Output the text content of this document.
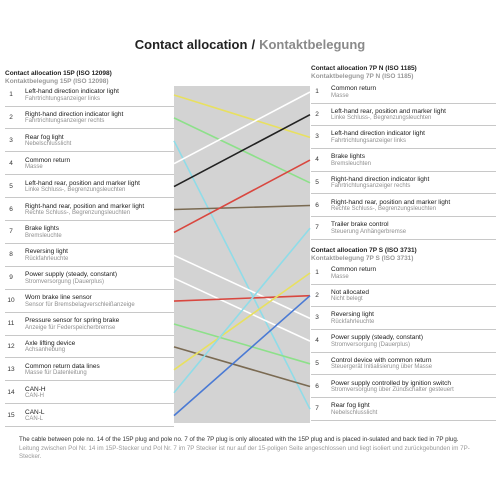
Contact allocation / Kontaktbelegung
Contact allocation 15P (ISO 12098)
Kontaktbelegung 15P (ISO 12098)
Contact allocation 7P N (ISO 1185)
Kontaktbelegung 7P N (ISO 1185)
Contact allocation 7P S (ISO 3731)
Kontaktbelegung 7P S (ISO 3731)
1	Left-hand direction indicator light
Fahrtrichtungsanzeiger links
2	Right-hand direction indicator light
Fahrtrichtungsanzeiger rechts
3	Rear fog light
Nebelschlusslicht
4	Common return
Masse
5	Left-hand rear, position and marker light
Linke Schluss-, Begrenzungsleuchten
6	Right-hand rear, position and marker light
Rechte Schluss-, Begrenzungsleuchten
7	Brake lights
Bremsleuchte
8	Reversing light
Rückfahrleuchte
9	Power supply (steady, constant)
Stromversorgung (Dauerplus)
10	Worn brake line sensor
Sensor für Bremsbelagverschleißanzeige
11	Pressure sensor for spring brake
Anzeige für Federspeicherbremse
12	Axle lifting device
Achsanhebung
13	Common return data lines
Masse für Datenleitung
14	CAN-H
CAN-H
15	CAN-L
CAN-L
1	Common return
Masse
2	Left-hand rear, position and marker light
Linke Schluss-, Begrenzungsleuchten
3	Left-hand direction indicator light
Fahrtrichtungsanzeiger links
4	Brake lights
Bremsleuchten
5	Right-hand direction indicator light
Fahrtrichtungsanzeiger rechts
6	Right-hand rear, position and marker light
Rechte Schluss-, Begrenzungsleuchten
7	Trailer brake control
Steuerung Anhängerbremse
1	Common return
Masse
2	Not allocated
Nicht belegt
3	Reversing light
Rückfahrleuchte
4	Power supply (steady, constant)
Stromversorgung (Dauerplus)
5	Control device with common return
Steuergerät Initialisierung über Masse
6	Power supply controlled by ignition switch
Stromversorgung über Zündschalter gesteuert
7	Rear fog light
Nebelschlusslicht
The cable between pole no. 14 of the 15P plug and pole no. 7 of the 7P plug is only allocated with the 15P plug and is placed in-sulated and back tied in 7P plug.
Leitung zwischen Pol Nr. 14 im 15P-Stecker und Pol Nr. 7 im 7P Stecker ist nur auf der 15-poligen Seite angeschlossen und liegt isoliert und zurückgebunden im 7P-Stecker.
